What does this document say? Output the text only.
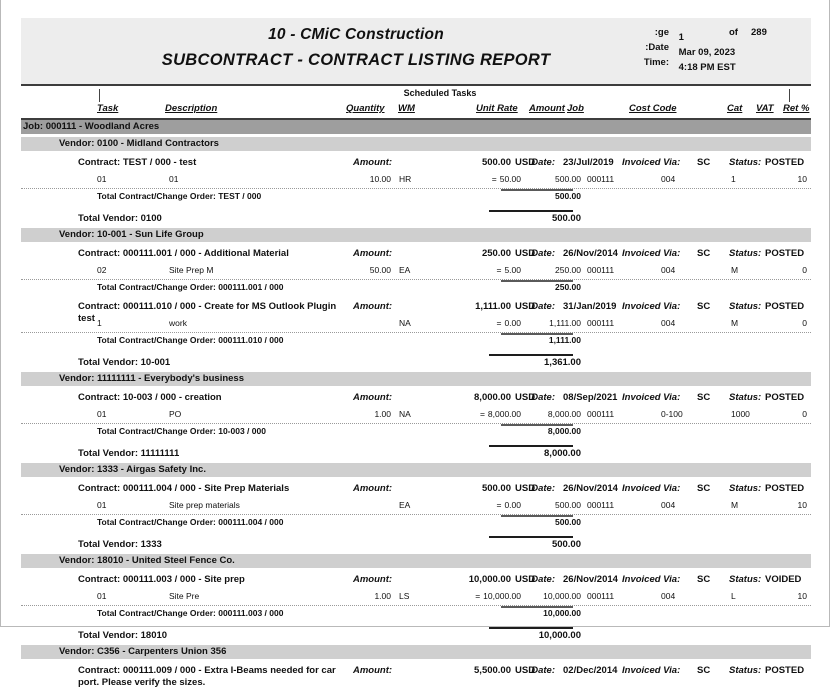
10 - CMiC Construction
SUBCONTRACT - CONTRACT LISTING REPORT
ge: 1	of 289
Date: Mar 09, 2023
Time: 4:18 PM EST
Scheduled Tasks
Task	Description	Quantity WM	Unit Rate Amount Job	Cost Code	Cat VAT Ret %
Job: 000111 - Woodland Acres
Vendor: 0100 - Midland Contractors
Contract: TEST / 000 - test	Amount:	500.00 USD
Date: 23/Jul/2019 Invoiced Via: SC Status: POSTED
01	01	10.00 HR	= 50.00	500.00 000111	004	1	10
Total Contract/Change Order: TEST / 000	500.00
Total Vendor: 0100	500.00
Vendor: 10-001 - Sun Life Group
Contract: 000111.001 / 000 - Additional Material	Amount:	250.00 USD
Date: 26/Nov/2014 Invoiced Via: SC Status: POSTED
02	Site Prep M	50.00 EA	= 5.00	250.00 000111	004	M	0
Total Contract/Change Order: 000111.001 / 000	250.00
Contract: 000111.010 / 000 - Create for MS Outlook Plugin test
Amount:	1,111.00 USD
Date: 31/Jan/2019 Invoiced Via: SC Status: POSTED
1	work	NA	= 0.00	1,111.00 000111	004	M	0
Total Contract/Change Order: 000111.010 / 000	1,111.00
Total Vendor: 10-001	1,361.00
Vendor: 11111111 - Everybody's business
Contract: 10-003 / 000 - creation	Amount:	8,000.00 USD
Date: 08/Sep/2021 Invoiced Via: SC Status: POSTED
01	PO	1.00 NA	= 8,000.00	8,000.00 000111	0-100	1000	0
Total Contract/Change Order: 10-003 / 000	8,000.00
Total Vendor: 11111111	8,000.00
Vendor: 1333 - Airgas Safety Inc.
Contract: 000111.004 / 000 - Site Prep Materials	Amount:	500.00 USD
Date: 26/Nov/2014 Invoiced Via: SC Status: POSTED
01	Site prep materials	EA	= 0.00	500.00 000111	004	M	10
Total Contract/Change Order: 000111.004 / 000	500.00
Total Vendor: 1333	500.00
Vendor: 18010 - United Steel Fence Co.
Contract: 000111.003 / 000 - Site prep	Amount:	10,000.00 USD
Date: 26/Nov/2014 Invoiced Via: SC Status: VOIDED
01	Site Pre	1.00 LS	= 10,000.00	10,000.00 000111	004	L	10
Total Contract/Change Order: 000111.003 / 000	10,000.00
Total Vendor: 18010	10,000.00
Vendor: C356 - Carpenters Union 356
Contract: 000111.009 / 000 - Extra I-Beams needed for car port. Please verify the sizes.
Amount:	5,500.00 USD
Date: 02/Dec/2014 Invoiced Via: SC Status: POSTED
